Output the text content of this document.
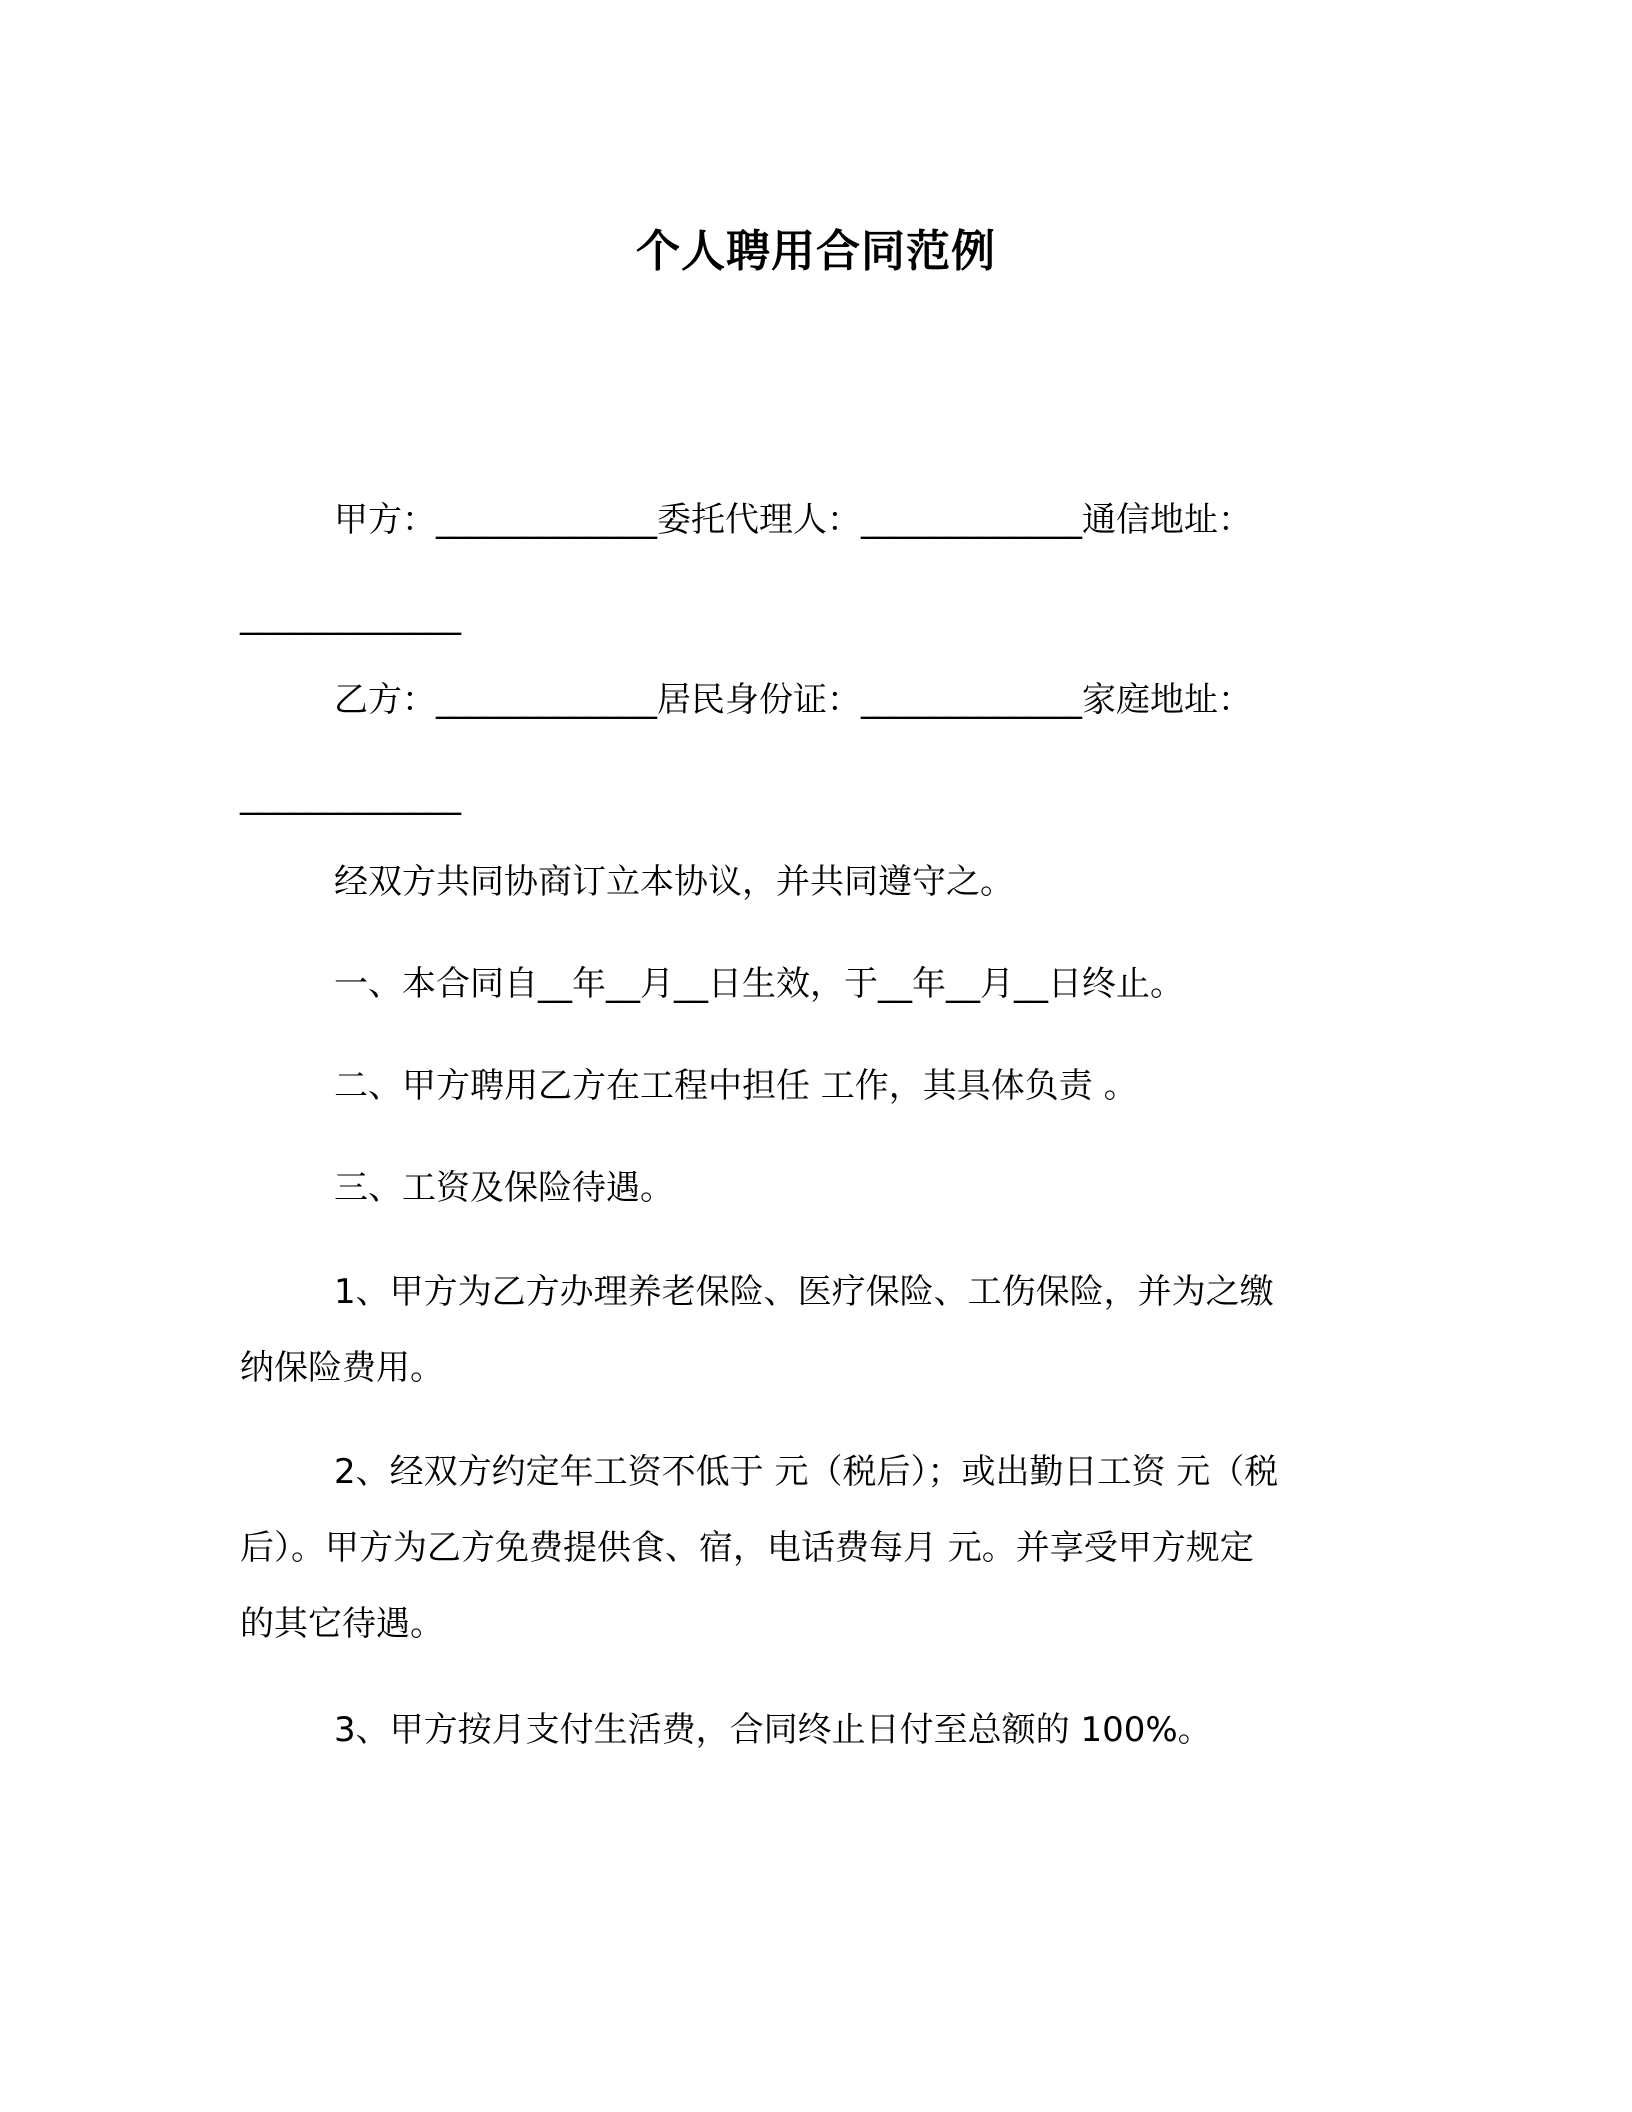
个人聘用合同范例
甲方：_____________委托代理人：_____________通信地址：
_____________
乙方：_____________居民身份证：_____________家庭地址：
_____________
经双方共同协商订立本协议，并共同遵守之。
一、本合同自__年__月__日生效，于__年__月__日终止。
二、甲方聘用乙方在工程中担任 工作，其具体负责 。
三、工资及保险待遇。
1、甲方为乙方办理养老保险、医疗保险、工伤保险，并为之缴
纳保险费用。
2、经双方约定年工资不低于 元（税后）；或出勤日工资 元（税
后）。甲方为乙方免费提供食、宿，电话费每月 元。并享受甲方规定
的其它待遇。
3、甲方按月支付生活费，合同终止日付至总额的 100%。
